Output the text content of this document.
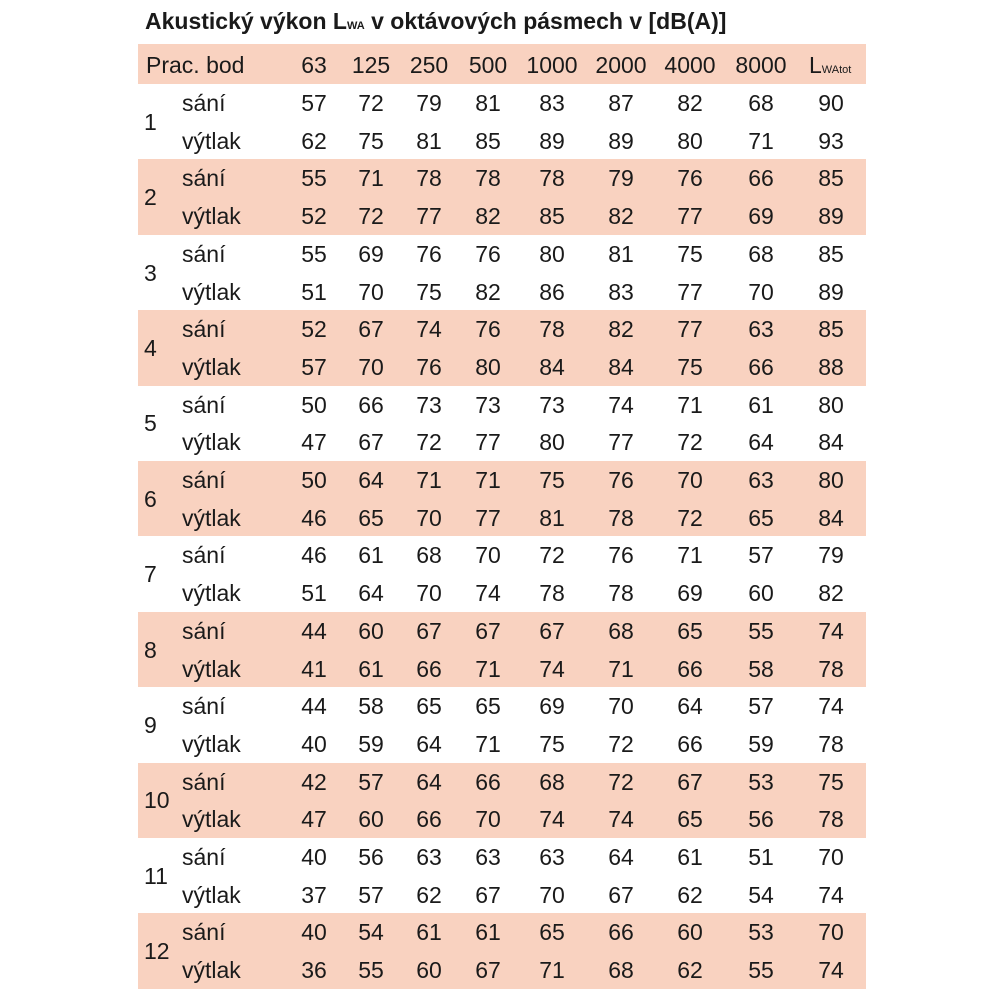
Akustický výkon LWA v oktávových pásmech v [dB(A)]
Prac. bod	63	125 250 500 1000 2000 4000 8000 LWAtot
1
sání	57	72	79	81	83	87	82	68	90
výtlak	62	75	81	85	89	89	80	71	93
2
sání	55	71	78	78	78	79	76	66	85
výtlak	52	72	77	82	85	82	77	69	89
3
sání	55	69	76	76	80	81	75	68	85
výtlak	51	70	75	82	86	83	77	70	89
4
sání	52	67	74	76	78	82	77	63	85
výtlak	57	70	76	80	84	84	75	66	88
5
sání	50	66	73	73	73	74	71	61	80
výtlak	47	67	72	77	80	77	72	64	84
6
sání	50	64	71	71	75	76	70	63	80
výtlak	46	65	70	77	81	78	72	65	84
7
sání	46	61	68	70	72	76	71	57	79
výtlak	51	64	70	74	78	78	69	60	82
8
sání	44	60	67	67	67	68	65	55	74
výtlak	41	61	66	71	74	71	66	58	78
9
sání	44	58	65	65	69	70	64	57	74
výtlak	40	59	64	71	75	72	66	59	78
10
sání	42	57	64	66	68	72	67	53	75
výtlak	47	60	66	70	74	74	65	56	78
11
sání	40	56	63	63	63	64	61	51	70
výtlak	37	57	62	67	70	67	62	54	74
12
sání	40	54	61	61	65	66	60	53	70
výtlak	36	55	60	67	71	68	62	55	74
